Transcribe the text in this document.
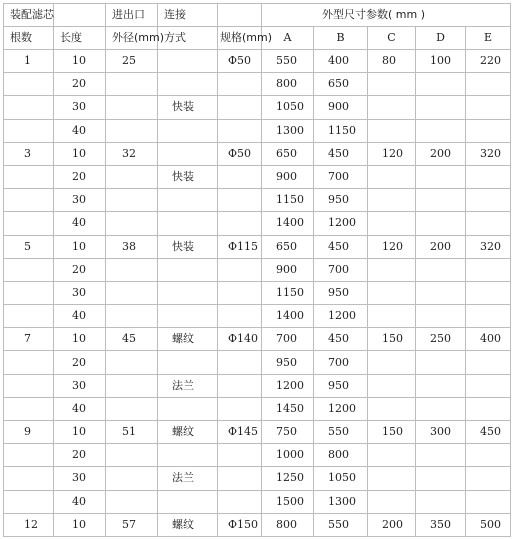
装配滤芯		进出口	连接		外型尺寸参数( mm )				
根数	长度	外径(mm)	方式	规格(mm)	A	B	C	D	E
1	10	25		Φ50	550	400	80	100	220
	20				800	650			
	30		快装		1050	900			
	40				1300	1150			
3	10	32		Φ50	650	450	120	200	320
	20		快装		900	700			
	30				1150	950			
	40				1400	1200			
5	10	38	快装	Φ115	650	450	120	200	320
	20				900	700			
	30				1150	950			
	40				1400	1200			
7	10	45	螺纹	Φ140	700	450	150	250	400
	20				950	700			
	30		法兰		1200	950			
	40				1450	1200			
9	10	51	螺纹	Φ145	750	550	150	300	450
	20				1000	800			
	30		法兰		1250	1050			
	40				1500	1300			
12	10	57	螺纹	Φ150	800	550	200	350	500
